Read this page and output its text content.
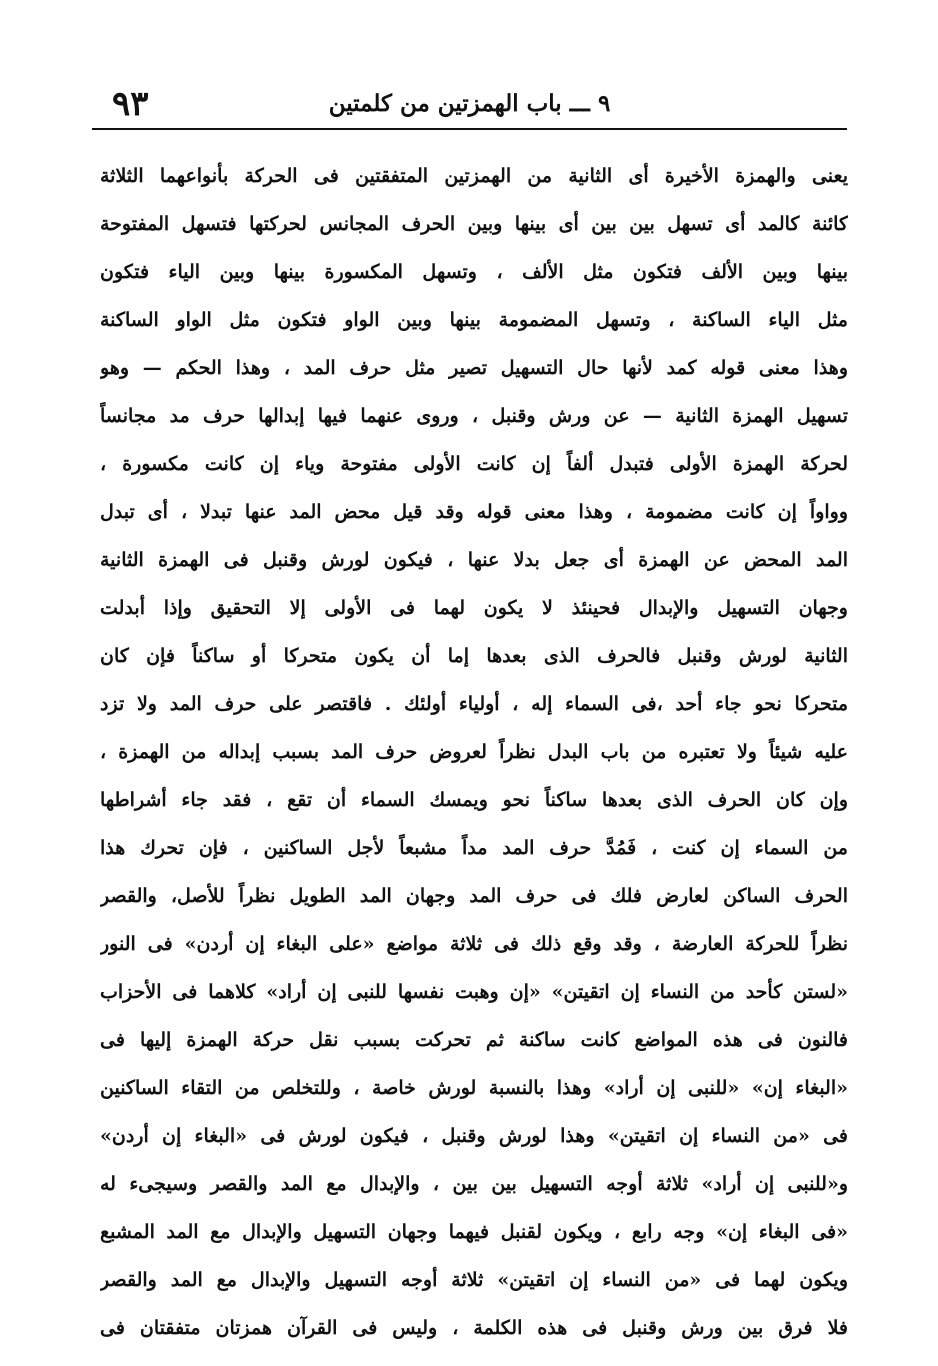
٩٣	٩ ـــ باب الهمزتين من كلمتين
يعنى والهمزة الأخيرة أى الثانية من الهمزتين المتفقتين فى الحركة بأنواعهما الثلاثة
كائنة كالمد أى تسهل بين بين أى بينها وبين الحرف المجانس لحركتها فتسهل المفتوحة
بينها وبين الألف فتكون مثل الألف ، وتسهل المكسورة بينها وبين الياء فتكون
مثل الياء الساكنة ، وتسهل المضمومة بينها وبين الواو فتكون مثل الواو الساكنة
وهذا معنى قوله كمد لأنها حال التسهيل تصير مثل حرف المد ، وهذا الحكم — وهو
تسهيل الهمزة الثانية — عن ورش وقنبل ، وروى عنهما فيها إبدالها حرف مد مجانساً
لحركة الهمزة الأولى فتبدل ألفاً إن كانت الأولى مفتوحة وياء إن كانت مكسورة ،
وواواً إن كانت مضمومة ، وهذا معنى قوله وقد قيل محض المد عنها تبدلا ، أى تبدل
المد المحض عن الهمزة أى جعل بدلا عنها ، فيكون لورش وقنبل فى الهمزة الثانية
وجهان التسهيل والإبدال فحينئذ لا يكون لهما فى الأولى إلا التحقيق وإذا أبدلت
الثانية لورش وقنبل فالحرف الذى بعدها إما أن يكون متحركا أو ساكناً فإن كان
متحركا نحو جاء أحد ،فى السماء إله ، أولياء أولئك . فاقتصر على حرف المد ولا تزد
عليه شيئاً ولا تعتبره من باب البدل نظراً لعروض حرف المد بسبب إبداله من الهمزة ،
وإن كان الحرف الذى بعدها ساكناً نحو ويمسك السماء أن تقع ، فقد جاء أشراطها
من السماء إن كنت ، فَمُدَّ حرف المد مداً مشبعاً لأجل الساكنين ، فإن تحرك هذا
الحرف الساكن لعارض فلك فى حرف المد وجهان المد الطويل نظراً للأصل، والقصر
نظراً للحركة العارضة ، وقد وقع ذلك فى ثلاثة مواضع «على البغاء إن أردن» فى النور
«لستن كأحد من النساء إن اتقيتن» «إن وهبت نفسها للنبى إن أراد» كلاهما فى الأحزاب
فالنون فى هذه المواضع كانت ساكنة ثم تحركت بسبب نقل حركة الهمزة إليها فى
«البغاء إن» «للنبى إن أراد» وهذا بالنسبة لورش خاصة ، وللتخلص من التقاء الساكنين
فى «من النساء إن اتقيتن» وهذا لورش وقنبل ، فيكون لورش فى «البغاء إن أردن»
و«للنبى إن أراد» ثلاثة أوجه التسهيل بين بين ، والإبدال مع المد والقصر وسيجىء له
«فى البغاء إن» وجه رابع ، ويكون لقنبل فيهما وجهان التسهيل والإبدال مع المد المشبع
ويكون لهما فى «من النساء إن اتقيتن» ثلاثة أوجه التسهيل والإبدال مع المد والقصر
فلا فرق بين ورش وقنبل فى هذه الكلمة ، وليس فى القرآن همزتان متفقتان فى
